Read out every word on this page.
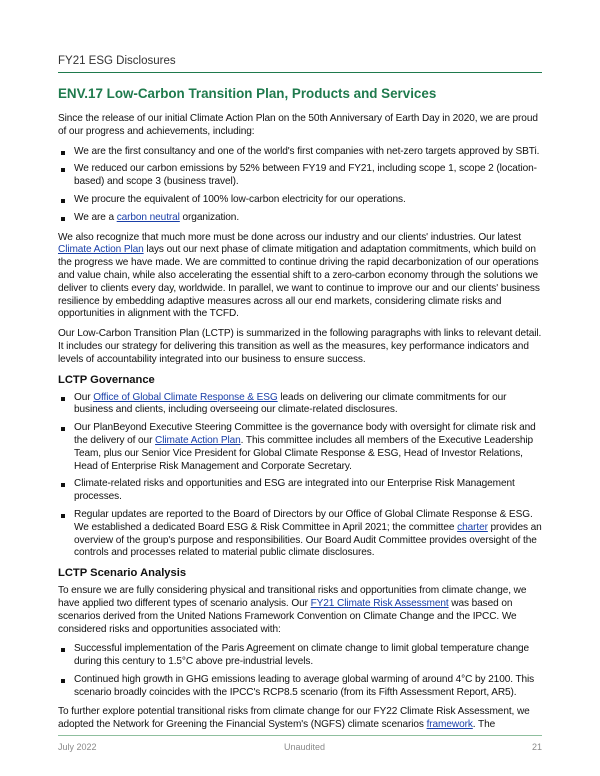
FY21 ESG Disclosures
ENV.17 Low-Carbon Transition Plan, Products and Services

Since the release of our initial Climate Action Plan on the 50th Anniversary of Earth Day in 2020, we are proud of our progress and achievements, including:

We are the first consultancy and one of the world's first companies with net-zero targets approved by SBTi.
We reduced our carbon emissions by 52% between FY19 and FY21, including scope 1, scope 2 (location-based) and scope 3 (business travel).
We procure the equivalent of 100% low-carbon electricity for our operations.
We are a carbon neutral organization.

We also recognize that much more must be done across our industry and our clients' industries. Our latest Climate Action Plan lays out our next phase of climate mitigation and adaptation commitments, which build on the progress we have made. We are committed to continue driving the rapid decarbonization of our operations and value chain, while also accelerating the essential shift to a zero-carbon economy through the solutions we deliver to clients every day, worldwide. In parallel, we want to continue to improve our and our clients' business resilience by embedding adaptive measures across all our end markets, considering climate risks and opportunities in alignment with the TCFD.

Our Low-Carbon Transition Plan (LCTP) is summarized in the following paragraphs with links to relevant detail. It includes our strategy for delivering this transition as well as the measures, key performance indicators and levels of accountability integrated into our business to ensure success.

LCTP Governance
Our Office of Global Climate Response & ESG leads on delivering our climate commitments for our business and clients, including overseeing our climate-related disclosures.
Our PlanBeyond Executive Steering Committee is the governance body with oversight for climate risk and the delivery of our Climate Action Plan. This committee includes all members of the Executive Leadership Team, plus our Senior Vice President for Global Climate Response & ESG, Head of Investor Relations, Head of Enterprise Risk Management and Corporate Secretary.
Climate-related risks and opportunities and ESG are integrated into our Enterprise Risk Management processes.
Regular updates are reported to the Board of Directors by our Office of Global Climate Response & ESG. We established a dedicated Board ESG & Risk Committee in April 2021; the committee charter provides an overview of the group's purpose and responsibilities. Our Board Audit Committee provides oversight of the controls and processes related to material public climate disclosures.
LCTP Scenario Analysis

To ensure we are fully considering physical and transitional risks and opportunities from climate change, we have applied two different types of scenario analysis. Our FY21 Climate Risk Assessment was based on scenarios derived from the United Nations Framework Convention on Climate Change and the IPCC. We considered risks and opportunities associated with:

Successful implementation of the Paris Agreement on climate change to limit global temperature change during this century to 1.5°C above pre-industrial levels.
Continued high growth in GHG emissions leading to average global warming of around 4°C by 2100. This scenario broadly coincides with the IPCC's RCP8.5 scenario (from its Fifth Assessment Report, AR5).

To further explore potential transitional risks from climate change for our FY22 Climate Risk Assessment, we adopted the Network for Greening the Financial System's (NGFS) climate scenarios framework. The

July 2022	Unaudited	21
